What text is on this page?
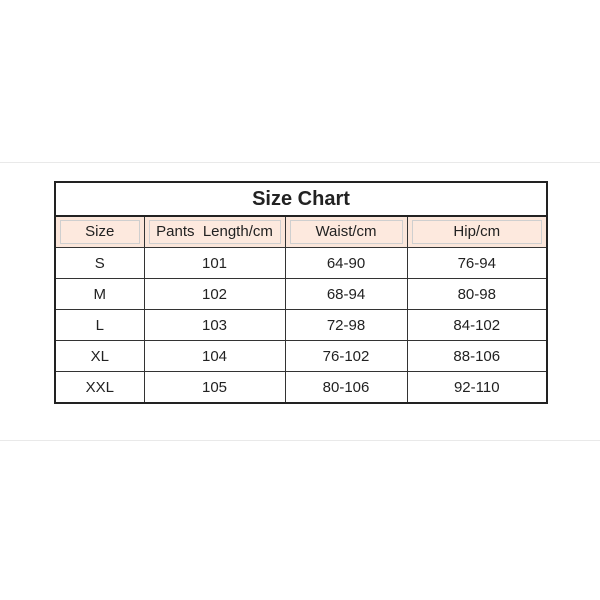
Size Chart
Size	Pants  Length/cm	Waist/cm	Hip/cm

S	101	64-90	76-94
M	102	68-94	80-98
L	103	72-98	84-102
XL	104	76-102	88-106
XXL	105	80-106	92-110
